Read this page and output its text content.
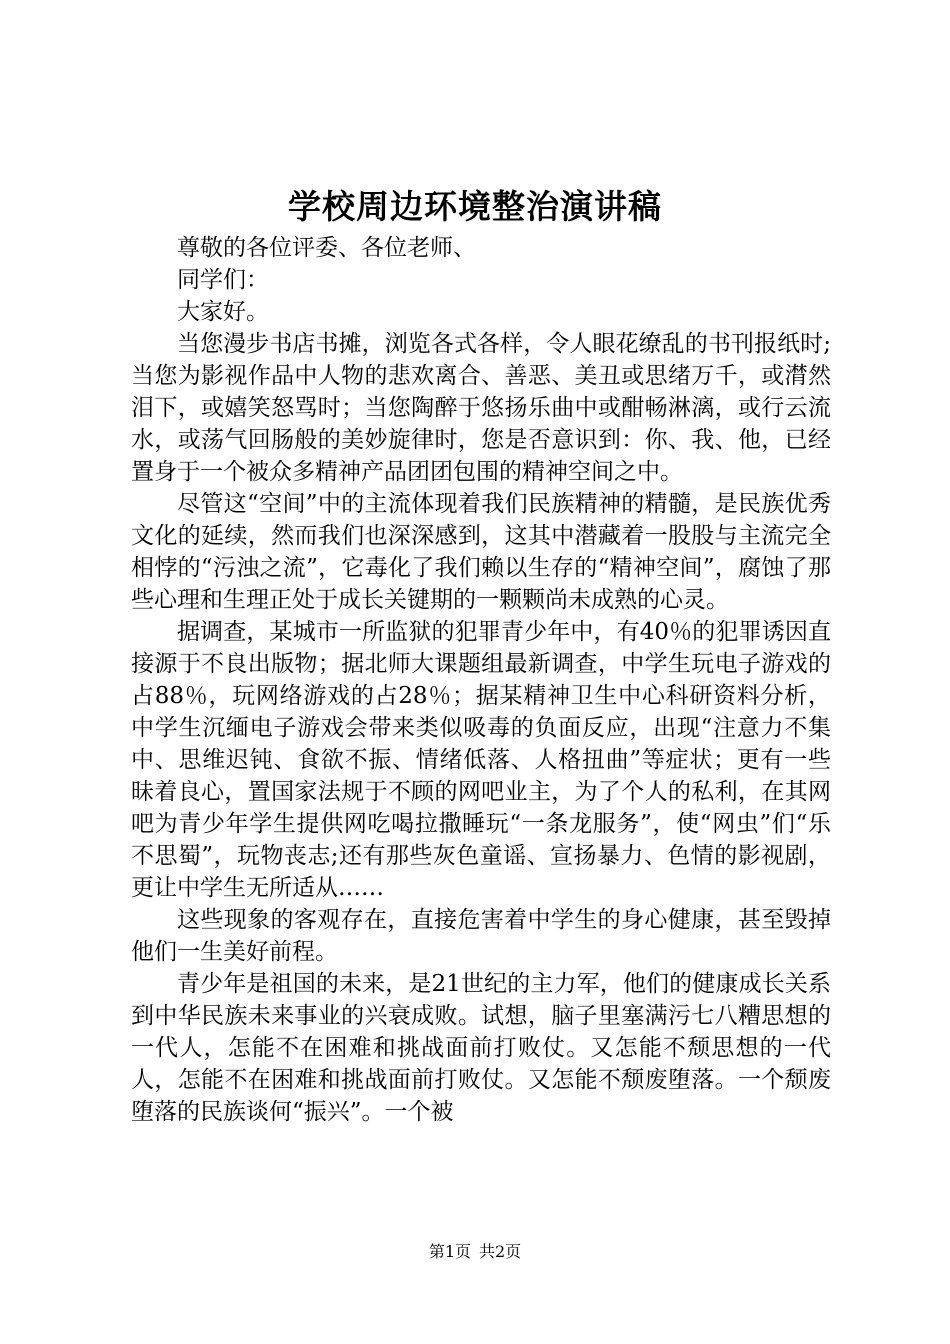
学校周边环境整治演讲稿

尊敬的各位评委、各位老师、

同学们：

大家好。

当您漫步书店书摊，浏览各式各样，令人眼花缭乱的书刊报纸时;当您为影视作品中人物的悲欢离合、善恶、美丑或思绪万千，或潸然泪下，或嬉笑怒骂时；当您陶醉于悠扬乐曲中或酣畅淋漓，或行云流水，或荡气回肠般的美妙旋律时，您是否意识到：你、我、他，已经置身于一个被众多精神产品团团包围的精神空间之中。

尽管这“空间”中的主流体现着我们民族精神的精髓，是民族优秀文化的延续，然而我们也深深感到，这其中潜藏着一股股与主流完全相悖的“污浊之流”，它毒化了我们赖以生存的“精神空间”，腐蚀了那些心理和生理正处于成长关键期的一颗颗尚未成熟的心灵。

据调查，某城市一所监狱的犯罪青少年中，有40％的犯罪诱因直接源于不良出版物；据北师大课题组最新调查，中学生玩电子游戏的占88％，玩网络游戏的占28％；据某精神卫生中心科研资料分析，中学生沉缅电子游戏会带来类似吸毒的负面反应，出现“注意力不集中、思维迟钝、食欲不振、情绪低落、人格扭曲”等症状；更有一些昧着良心，置国家法规于不顾的网吧业主，为了个人的私利，在其网吧为青少年学生提供网吃喝拉撒睡玩“一条龙服务”，使“网虫”们“乐不思蜀”，玩物丧志;还有那些灰色童谣、宣扬暴力、色情的影视剧，更让中学生无所适从……

这些现象的客观存在，直接危害着中学生的身心健康，甚至毁掉他们一生美好前程。

青少年是祖国的未来，是21世纪的主力军，他们的健康成长关系到中华民族未来事业的兴衰成败。试想，脑子里塞满污七八糟思想的一代人，怎能不在困难和挑战面前打败仗。又怎能不颓思想的一代人，怎能不在困难和挑战面前打败仗。又怎能不颓废堕落。一个颓废堕落的民族谈何“振兴”。一个被

第1页 共2页
